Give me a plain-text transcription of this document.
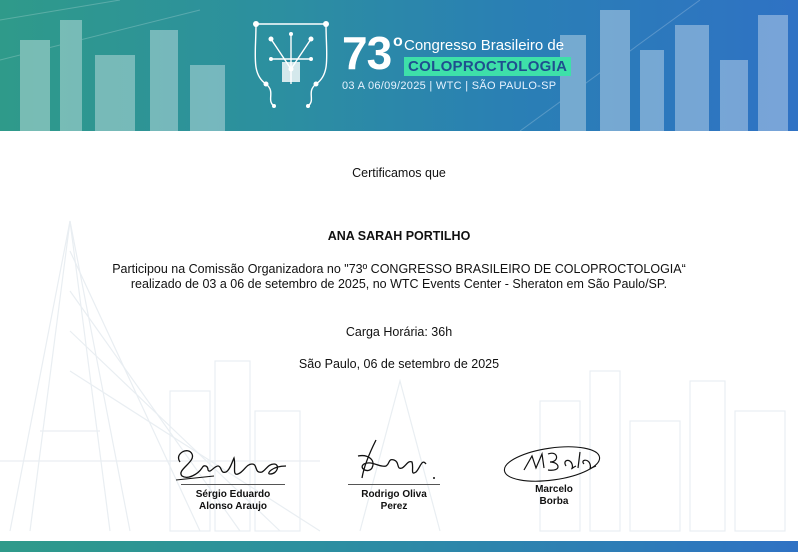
73 o Congresso Brasileiro de
COLOPROCTOLOGIA
03 A 06/09/2025 | WTC | SÃO PAULO-SP
Certificamos que
ANA SARAH PORTILHO
Participou na Comissão Organizadora no "73º CONGRESSO BRASILEIRO DE COLOPROCTOLOGIA“
realizado de 03 a 06 de setembro de 2025, no WTC Events Center - Sheraton em São Paulo/SP.
Carga Horária: 36h
São Paulo, 06 de setembro de 2025
Sérgio Eduardo
Alonso Araujo
Rodrigo Oliva
Perez
Marcelo
Borba
